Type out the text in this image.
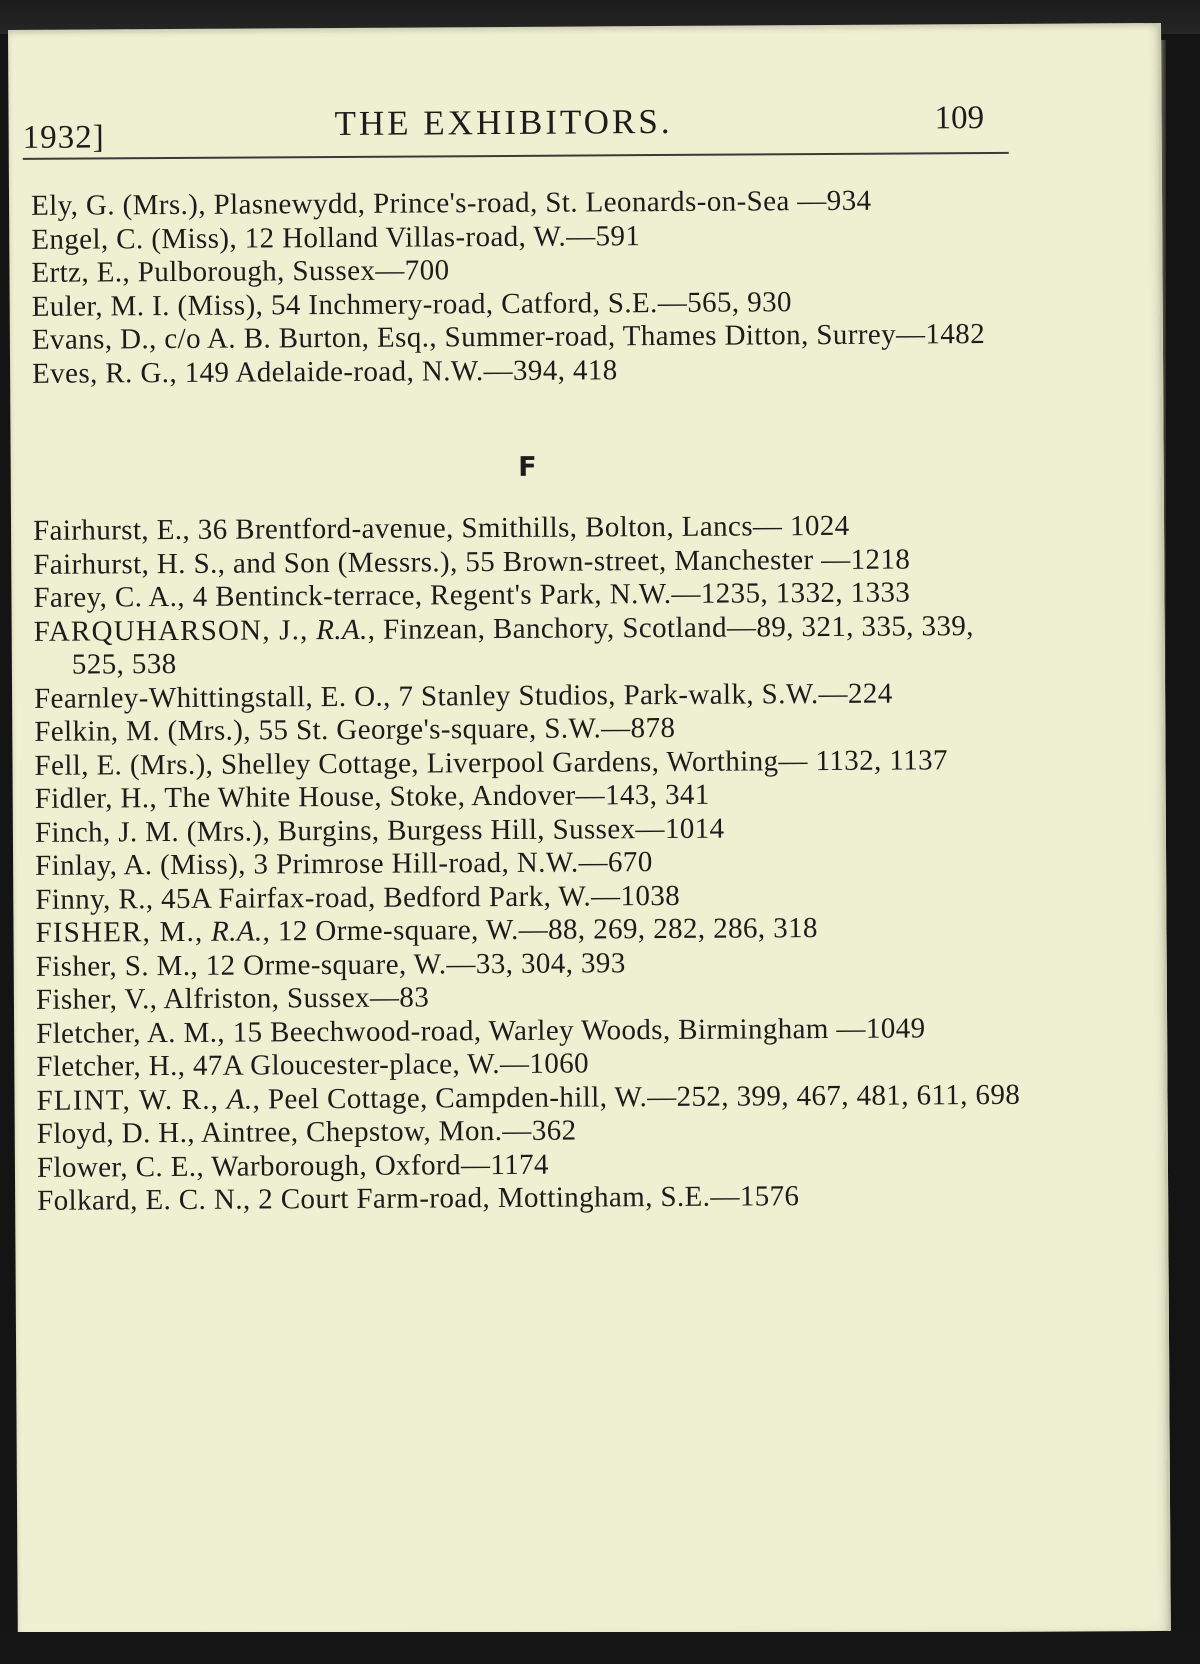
1932]	THE EXHIBITORS.	109

Ely, G. (Mrs.), Plasnewydd, Prince's-road, St. Leonards-on-Sea —934

Engel, C. (Miss), 12 Holland Villas-road, W.—591

Ertz, E., Pulborough, Sussex—700

Euler, M. I. (Miss), 54 Inchmery-road, Catford, S.E.—565, 930

Evans, D., c/o A. B. Burton, Esq., Summer-road, Thames Ditton, Surrey—1482

Eves, R. G., 149 Adelaide-road, N.W.—394, 418

F

Fairhurst, E., 36 Brentford-avenue, Smithills, Bolton, Lancs— 1024

Fairhurst, H. S., and Son (Messrs.), 55 Brown-street, Manchester —1218

Farey, C. A., 4 Bentinck-terrace, Regent's Park, N.W.—1235, 1332, 1333

FARQUHARSON, J., R.A., Finzean, Banchory, Scotland—89, 321, 335, 339, 525, 538

Fearnley-Whittingstall, E. O., 7 Stanley Studios, Park-walk, S.W.—224

Felkin, M. (Mrs.), 55 St. George's-square, S.W.—878

Fell, E. (Mrs.), Shelley Cottage, Liverpool Gardens, Worthing— 1132, 1137

Fidler, H., The White House, Stoke, Andover—143, 341

Finch, J. M. (Mrs.), Burgins, Burgess Hill, Sussex—1014

Finlay, A. (Miss), 3 Primrose Hill-road, N.W.—670

Finny, R., 45A Fairfax-road, Bedford Park, W.—1038

FISHER, M., R.A., 12 Orme-square, W.—88, 269, 282, 286, 318

Fisher, S. M., 12 Orme-square, W.—33, 304, 393

Fisher, V., Alfriston, Sussex—83

Fletcher, A. M., 15 Beechwood-road, Warley Woods, Birmingham —1049

Fletcher, H., 47A Gloucester-place, W.—1060

FLINT, W. R., A., Peel Cottage, Campden-hill, W.—252, 399, 467, 481, 611, 698

Floyd, D. H., Aintree, Chepstow, Mon.—362

Flower, C. E., Warborough, Oxford—1174

Folkard, E. C. N., 2 Court Farm-road, Mottingham, S.E.—1576
